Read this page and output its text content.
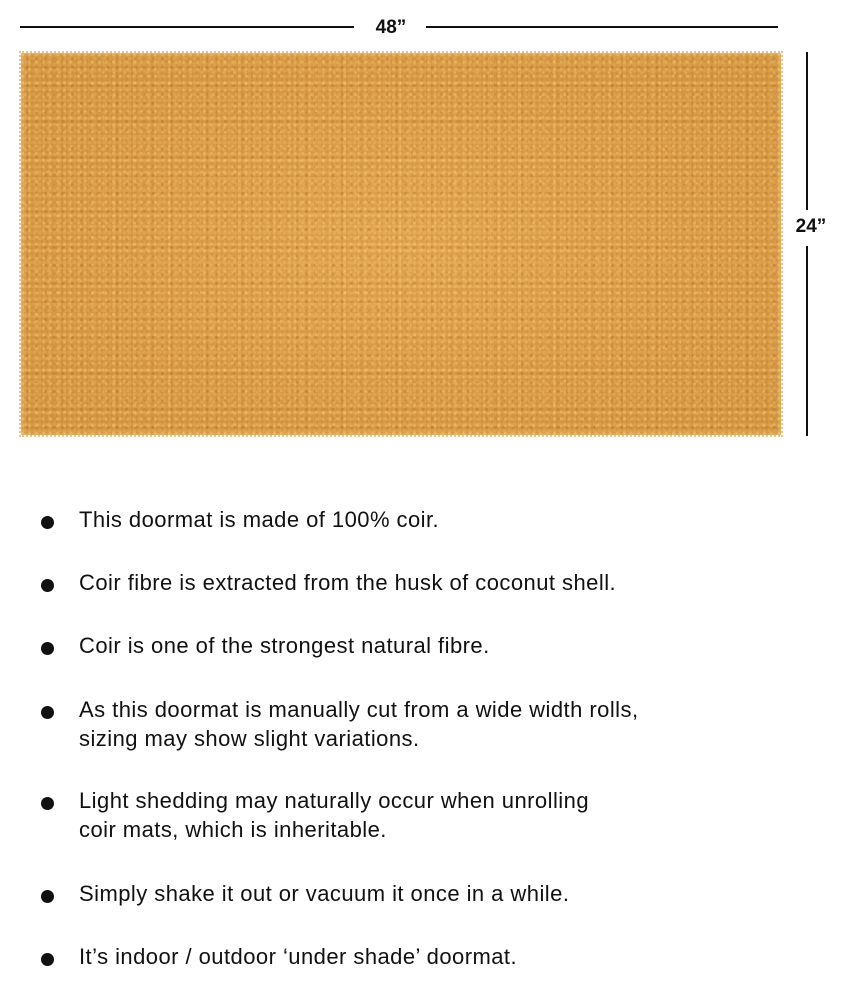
48”
24”
This doormat is made of 100% coir.
Coir fibre is extracted from the husk of coconut shell.
Coir is one of the strongest natural fibre.
As this doormat is manually cut from a wide width rolls,
sizing may show slight variations.
Light shedding may naturally occur when unrolling
coir mats, which is inheritable.
Simply shake it out or vacuum it once in a while.
It’s indoor / outdoor ‘under shade’ doormat.
